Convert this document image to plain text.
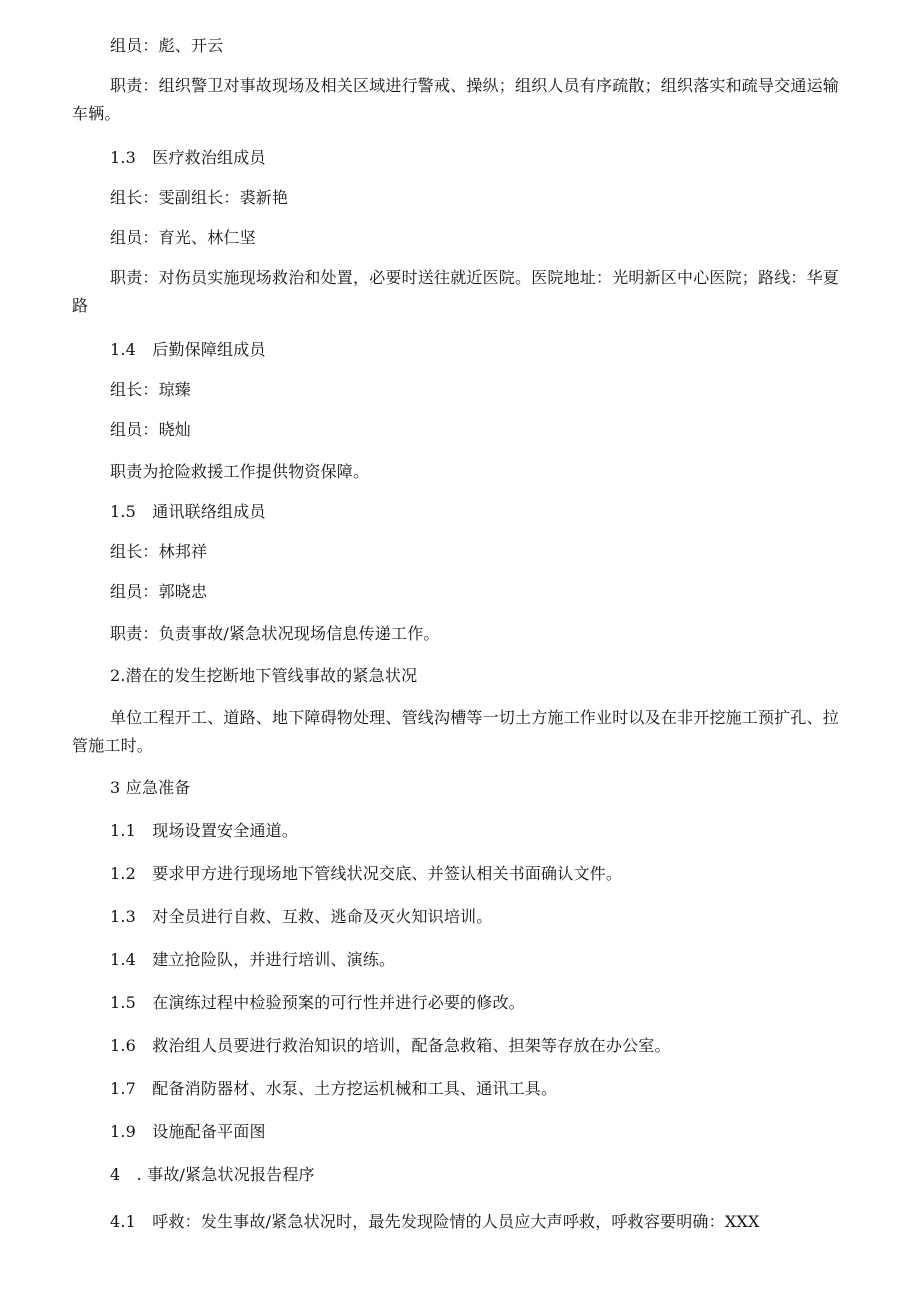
组员：彪、开云
职责：组织警卫对事故现场及相关区域进行警戒、操纵；组织人员有序疏散；组织落实和疏导交通运输车辆。
1.3　医疗救治组成员
组长：雯副组长：裘新艳
组员：育光、林仁坚
职责：对伤员实施现场救治和处置，必要时送往就近医院。医院地址：光明新区中心医院；路线：华夏路
1.4　后勤保障组成员
组长：琼臻
组员：晓灿
职责为抢险救援工作提供物资保障。
1.5　通讯联络组成员
组长：林邦祥
组员：郭晓忠
职责：负责事故/紧急状况现场信息传递工作。
2.潜在的发生挖断地下管线事故的紧急状况
单位工程开工、道路、地下障碍物处理、管线沟槽等一切土方施工作业时以及在非开挖施工预扩孔、拉管施工时。
3 应急准备
1.1　现场设置安全通道。
1.2　要求甲方进行现场地下管线状况交底、并签认相关书面确认文件。
1.3　对全员进行自救、互救、逃命及灭火知识培训。
1.4　建立抢险队，并进行培训、演练。
1.5　在演练过程中检验预案的可行性并进行必要的修改。
1.6　救治组人员要进行救治知识的培训，配备急救箱、担架等存放在办公室。
1.7　配备消防器材、水泵、土方挖运机械和工具、通讯工具。
1.9　设施配备平面图
4　. 事故/紧急状况报告程序
4.1　呼救：发生事故/紧急状况时，最先发现险情的人员应大声呼救，呼救容要明确：XXX
